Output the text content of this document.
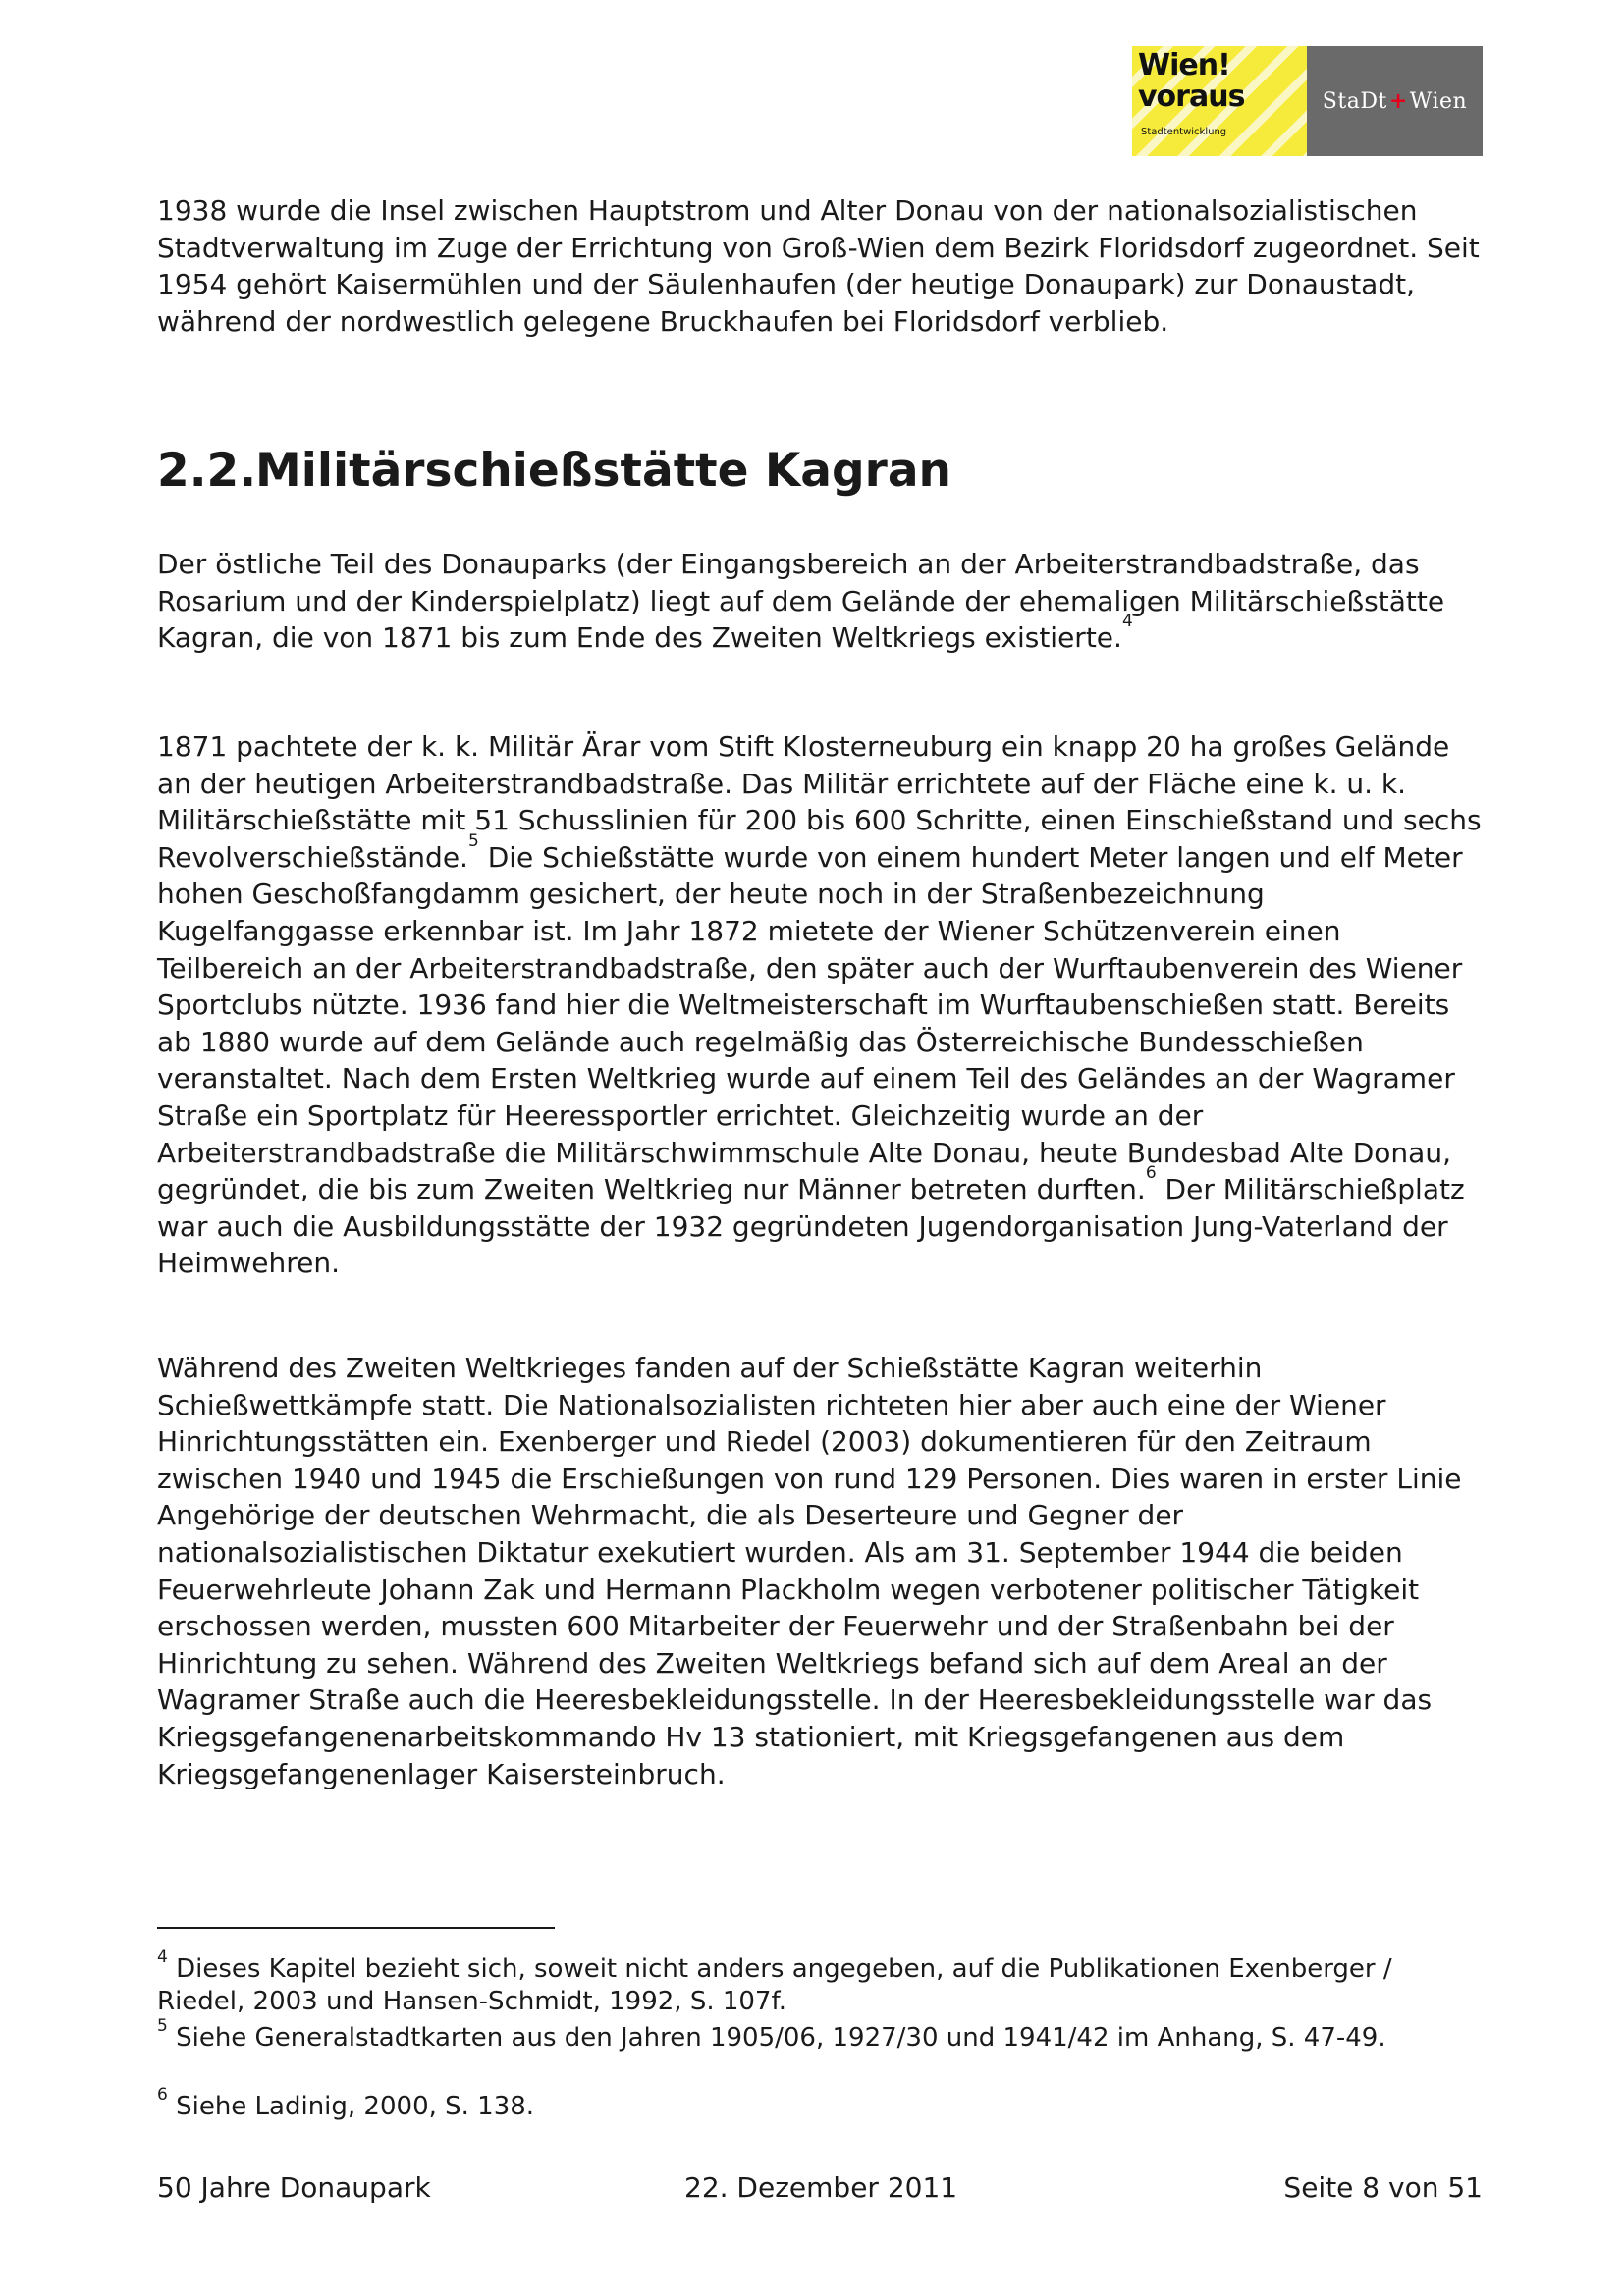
Wien!
voraus
Stadtentwicklung
StaDt + Wien

1938 wurde die Insel zwischen Hauptstrom und Alter Donau von der nationalsozialistischen Stadtverwaltung im Zuge der Errichtung von Groß-Wien dem Bezirk Floridsdorf zugeordnet. Seit 1954 gehört Kaisermühlen und der Säulenhaufen (der heutige Donaupark) zur Donaustadt, während der nordwestlich gelegene Bruckhaufen bei Floridsdorf verblieb.

2.2.Militärschießstätte Kagran

Der östliche Teil des Donauparks (der Eingangsbereich an der Arbeiterstrandbadstraße, das Rosarium und der Kinderspielplatz) liegt auf dem Gelände der ehemaligen Militärschießstätte Kagran, die von 1871 bis zum Ende des Zweiten Weltkriegs existierte.$^4$

1871 pachtete der k. k. Militär Ärar vom Stift Klosterneuburg ein knapp 20 ha großes Gelände an der heutigen Arbeiterstrandbadstraße. Das Militär errichtete auf der Fläche eine k. u. k. Militärschießstätte mit 51 Schusslinien für 200 bis 600 Schritte, einen Einschießstand und sechs Revolverschießstände.$^5$ Die Schießstätte wurde von einem hundert Meter langen und elf Meter hohen Geschoßfangdamm gesichert, der heute noch in der Straßenbezeichnung Kugelfanggasse erkennbar ist. Im Jahr 1872 mietete der Wiener Schützenverein einen Teilbereich an der Arbeiterstrandbadstraße, den später auch der Wurftaubenverein des Wiener Sportclubs nützte. 1936 fand hier die Weltmeisterschaft im Wurftaubenschießen statt. Bereits ab 1880 wurde auf dem Gelände auch regelmäßig das Österreichische Bundesschießen veranstaltet. Nach dem Ersten Weltkrieg wurde auf einem Teil des Geländes an der Wagramer Straße ein Sportplatz für Heeressportler errichtet. Gleichzeitig wurde an der Arbeiterstrandbadstraße die Militärschwimmschule Alte Donau, heute Bundesbad Alte Donau, gegründet, die bis zum Zweiten Weltkrieg nur Männer betreten durften.$^6$ Der Militärschießplatz war auch die Ausbildungsstätte der 1932 gegründeten Jugendorganisation Jung-Vaterland der Heimwehren.

Während des Zweiten Weltkrieges fanden auf der Schießstätte Kagran weiterhin Schießwettkämpfe statt. Die Nationalsozialisten richteten hier aber auch eine der Wiener Hinrichtungsstätten ein. Exenberger und Riedel (2003) dokumentieren für den Zeitraum zwischen 1940 und 1945 die Erschießungen von rund 129 Personen. Dies waren in erster Linie Angehörige der deutschen Wehrmacht, die als Deserteure und Gegner der nationalsozialistischen Diktatur exekutiert wurden. Als am 31. September 1944 die beiden Feuerwehrleute Johann Zak und Hermann Plackholm wegen verbotener politischer Tätigkeit erschossen werden, mussten 600 Mitarbeiter der Feuerwehr und der Straßenbahn bei der Hinrichtung zu sehen. Während des Zweiten Weltkriegs befand sich auf dem Areal an der Wagramer Straße auch die Heeresbekleidungsstelle. In der Heeresbekleidungsstelle war das Kriegsgefangenenarbeitskommando Hv 13 stationiert, mit Kriegsgefangenen aus dem Kriegsgefangenenlager Kaisersteinbruch.

$^4$ Dieses Kapitel bezieht sich, soweit nicht anders angegeben, auf die Publikationen Exenberger / Riedel, 2003 und Hansen-Schmidt, 1992, S. 107f.

$^5$ Siehe Generalstadtkarten aus den Jahren 1905/06, 1927/30 und 1941/42 im Anhang, S. 47-49.

$^6$ Siehe Ladinig, 2000, S. 138.

50 Jahre Donaupark	22. Dezember 2011	Seite 8 von 51
